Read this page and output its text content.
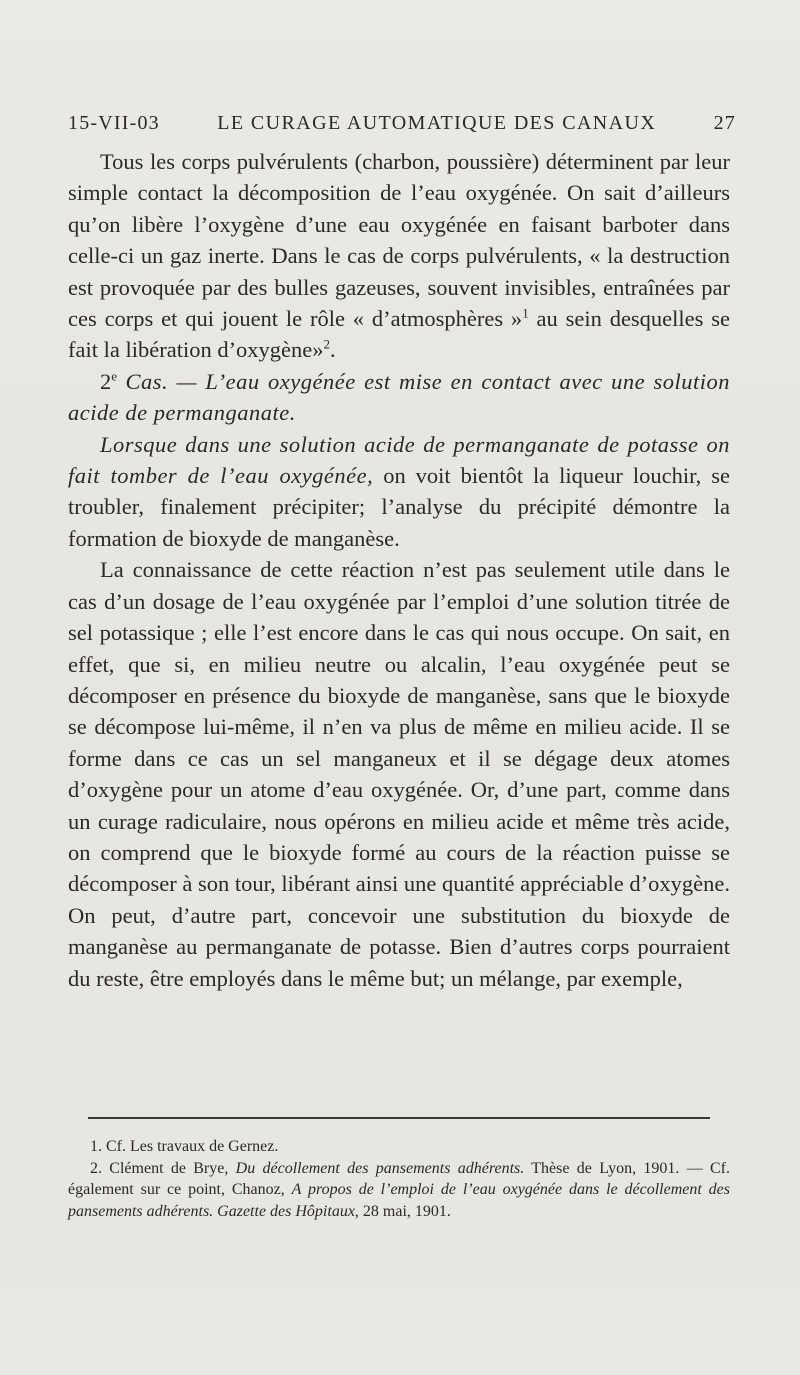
15-VII-03	LE CURAGE AUTOMATIQUE DES CANAUX	27

Tous les corps pulvérulents (charbon, poussière) déterminent par leur simple contact la décomposition de l’eau oxygénée. On sait d’ailleurs qu’on libère l’oxygène d’une eau oxygénée en faisant barboter dans celle-ci un gaz inerte. Dans le cas de corps pulvérulents, « la destruction est provoquée par des bulles gazeuses, souvent invisibles, entraînées par ces corps et qui jouent le rôle « d’atmosphères »$^1$ au sein desquelles se fait la libération d’oxygène»$^2$.

2e Cas. — L’eau oxygénée est mise en contact avec une solution acide de permanganate.

Lorsque dans une solution acide de permanganate de potasse on fait tomber de l’eau oxygénée, on voit bientôt la liqueur louchir, se troubler, finalement précipiter; l’analyse du précipité démontre la formation de bioxyde de manganèse.

La connaissance de cette réaction n’est pas seulement utile dans le cas d’un dosage de l’eau oxygénée par l’emploi d’une solution titrée de sel potassique ; elle l’est encore dans le cas qui nous occupe. On sait, en effet, que si, en milieu neutre ou alcalin, l’eau oxygénée peut se décomposer en présence du bioxyde de manganèse, sans que le bioxyde se décompose lui-même, il n’en va plus de même en milieu acide. Il se forme dans ce cas un sel manganeux et il se dégage deux atomes d’oxygène pour un atome d’eau oxygénée. Or, d’une part, comme dans un curage radiculaire, nous opérons en milieu acide et même très acide, on comprend que le bioxyde formé au cours de la réaction puisse se décomposer à son tour, libérant ainsi une quantité appréciable d’oxygène. On peut, d’autre part, concevoir une substitution du bioxyde de manganèse au permanganate de potasse. Bien d’autres corps pourraient du reste, être employés dans le même but; un mélange, par exemple,

1. Cf. Les travaux de Gernez.

2. Clément de Brye, Du décollement des pansements adhérents. Thèse de Lyon, 1901. — Cf. également sur ce point, Chanoz, A propos de l’emploi de l’eau oxygénée dans le décollement des pansements adhérents. Gazette des Hôpitaux, 28 mai, 1901.
